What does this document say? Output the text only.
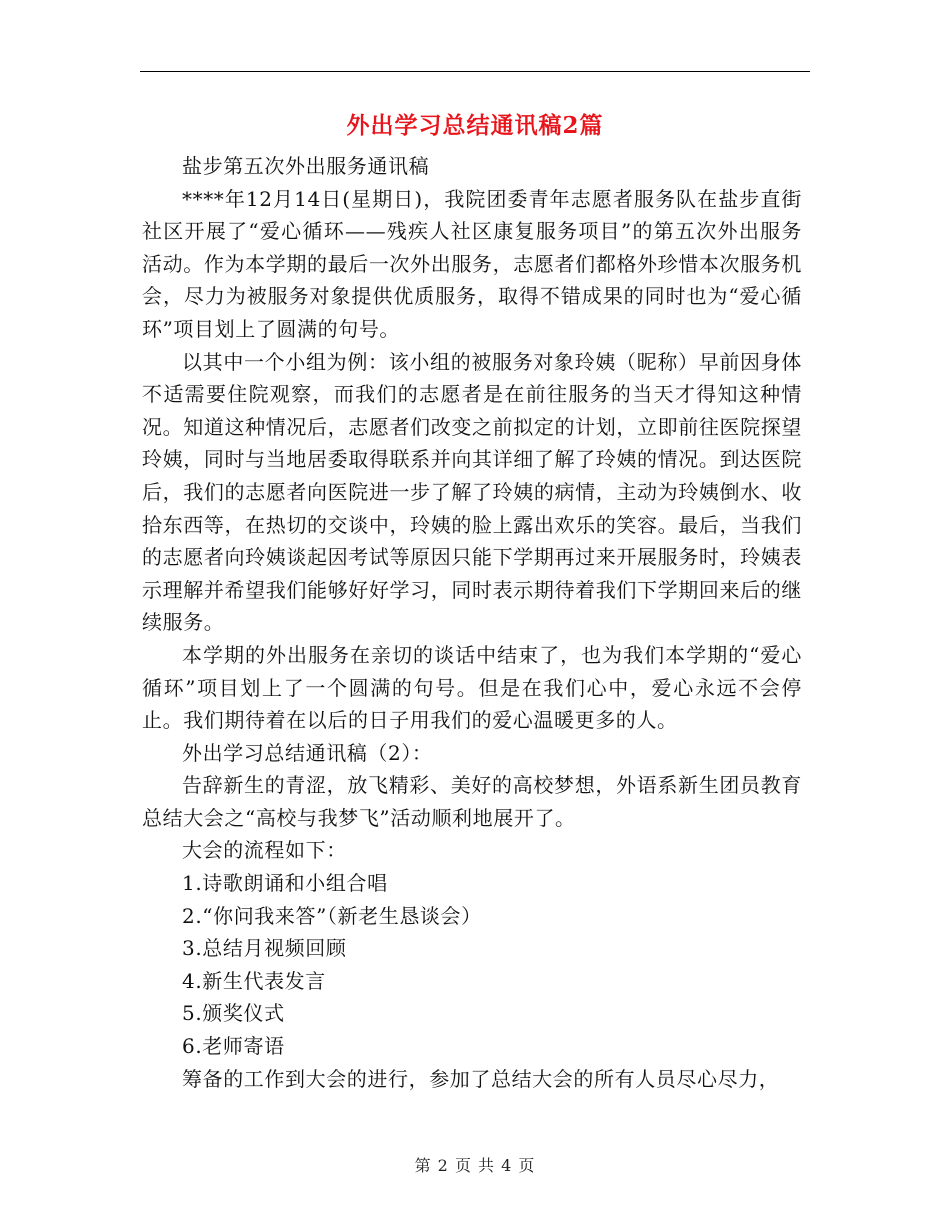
外出学习总结通讯稿2篇

盐步第五次外出服务通讯稿

****年12月14日(星期日)，我院团委青年志愿者服务队在盐步直街社区开展了“爱心循环——残疾人社区康复服务项目”的第五次外出服务活动。作为本学期的最后一次外出服务，志愿者们都格外珍惜本次服务机会，尽力为被服务对象提供优质服务，取得不错成果的同时也为“爱心循环”项目划上了圆满的句号。

以其中一个小组为例：该小组的被服务对象玲姨（昵称）早前因身体不适需要住院观察，而我们的志愿者是在前往服务的当天才得知这种情况。知道这种情况后，志愿者们改变之前拟定的计划，立即前往医院探望玲姨，同时与当地居委取得联系并向其详细了解了玲姨的情况。到达医院后，我们的志愿者向医院进一步了解了玲姨的病情，主动为玲姨倒水、收拾东西等，在热切的交谈中，玲姨的脸上露出欢乐的笑容。最后，当我们的志愿者向玲姨谈起因考试等原因只能下学期再过来开展服务时，玲姨表示理解并希望我们能够好好学习，同时表示期待着我们下学期回来后的继续服务。

本学期的外出服务在亲切的谈话中结束了，也为我们本学期的“爱心循环”项目划上了一个圆满的句号。但是在我们心中，爱心永远不会停止。我们期待着在以后的日子用我们的爱心温暖更多的人。

外出学习总结通讯稿（2）：

告辞新生的青涩，放飞精彩、美好的高校梦想，外语系新生团员教育总结大会之“高校与我梦飞”活动顺利地展开了。

大会的流程如下：

1.诗歌朗诵和小组合唱

2.“你问我来答”（新老生恳谈会）

3.总结月视频回顾

4.新生代表发言

5.颁奖仪式

6.老师寄语

筹备的工作到大会的进行，参加了总结大会的所有人员尽心尽力，

第 2 页 共 4 页
